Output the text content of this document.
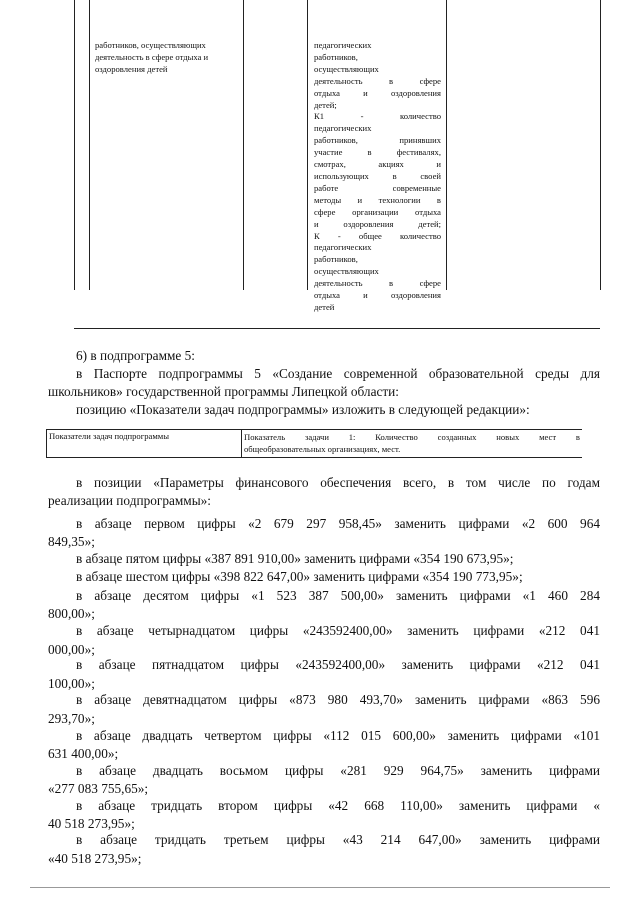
работников, осуществляющих
деятельность в сфере отдыха и
оздоровления детей
педагогических
работников,
осуществляющих
деятельность в сфере
отдыха и оздоровления
детей;
К1 - количество
педагогических
работников, принявших
участие в фестивалях,
смотрах, акциях и
использующих в своей
работе современные
методы и технологии в
сфере организации отдыха
и оздоровления детей;
К - общее количество
педагогических
работников,
осуществляющих
деятельность в сфере
отдыха и оздоровления
детей
6) в подпрограмме 5:
в Паспорте подпрограммы 5 «Создание современной образовательной среды для
школьников» государственной программы Липецкой области:
позицию «Показатели задач подпрограммы» изложить в следующей редакции»:
Показатели задач подпрограммы	Показатель задачи 1: Количество созданных новых мест в
общеобразовательных организациях, мест.
в позиции «Параметры финансового обеспечения всего, в том числе по годам
реализации подпрограммы»:
в абзаце первом цифры «2 679 297 958,45» заменить цифрами «2 600 964
849,35»;
в абзаце пятом цифры «387 891 910,00» заменить цифрами «354 190 673,95»;
в абзаце шестом цифры «398 822 647,00» заменить цифрами «354 190 773,95»;
в абзаце десятом цифры «1 523 387 500,00» заменить цифрами «1 460 284
800,00»;
в абзаце четырнадцатом цифры «243592400,00» заменить цифрами «212 041
000,00»;
в абзаце пятнадцатом цифры «243592400,00» заменить цифрами «212 041
100,00»;
в абзаце девятнадцатом цифры «873 980 493,70» заменить цифрами «863 596
293,70»;
в абзаце двадцать четвертом цифры «112 015 600,00» заменить цифрами «101
631 400,00»;
в абзаце двадцать восьмом цифры «281 929 964,75» заменить цифрами
«277 083 755,65»;
в абзаце тридцать втором цифры «42 668 110,00» заменить цифрами «
40 518 273,95»;
в абзаце тридцать третьем цифры «43 214 647,00» заменить цифрами
«40 518 273,95»;
